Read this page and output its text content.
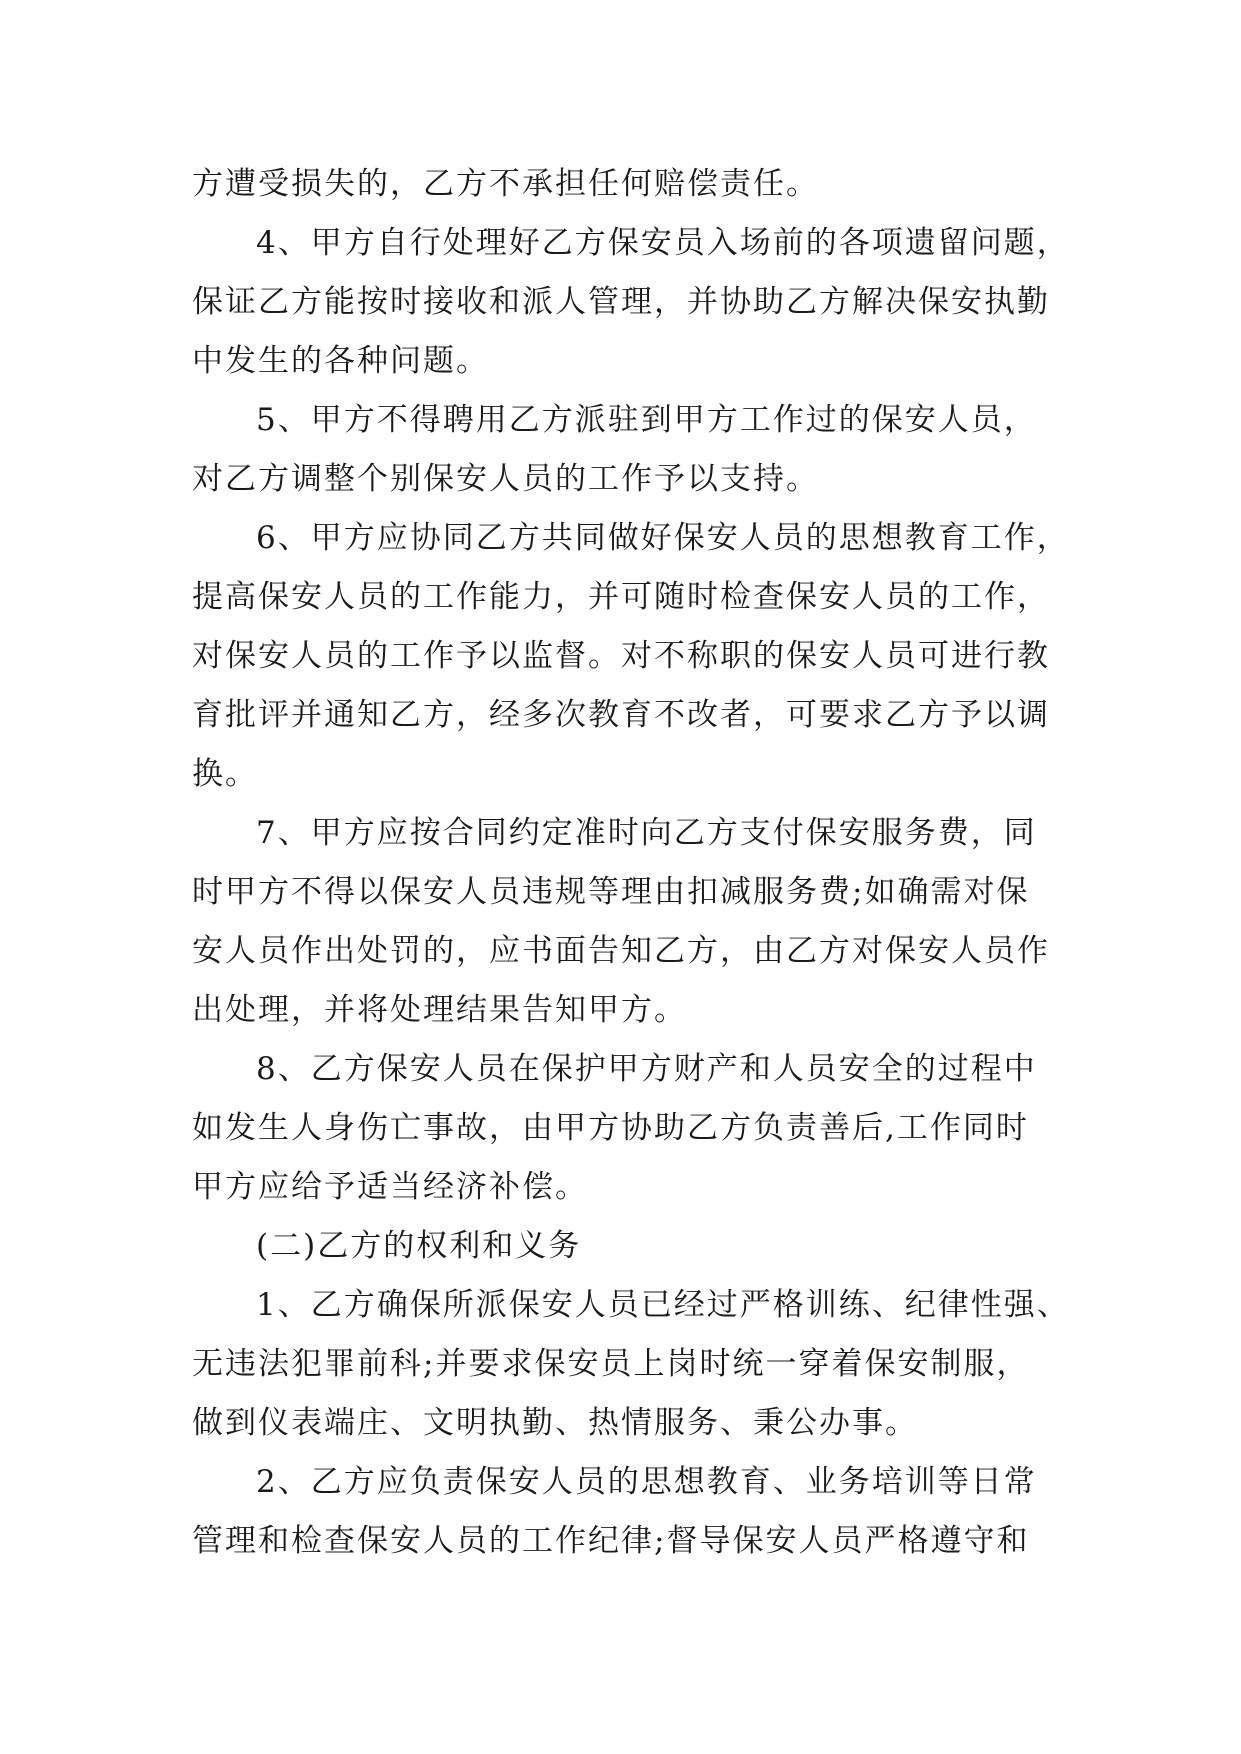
方遭受损失的，乙方不承担任何赔偿责任。
4、甲方自行处理好乙方保安员入场前的各项遗留问题，
保证乙方能按时接收和派人管理，并协助乙方解决保安执勤
中发生的各种问题。
5、甲方不得聘用乙方派驻到甲方工作过的保安人员，
对乙方调整个别保安人员的工作予以支持。
6、甲方应协同乙方共同做好保安人员的思想教育工作，
提高保安人员的工作能力，并可随时检查保安人员的工作，
对保安人员的工作予以监督。对不称职的保安人员可进行教
育批评并通知乙方，经多次教育不改者，可要求乙方予以调
换。
7、甲方应按合同约定准时向乙方支付保安服务费，同
时甲方不得以保安人员违规等理由扣减服务费;如确需对保
安人员作出处罚的，应书面告知乙方，由乙方对保安人员作
出处理，并将处理结果告知甲方。
8、乙方保安人员在保护甲方财产和人员安全的过程中
如发生人身伤亡事故，由甲方协助乙方负责善后,工作同时
甲方应给予适当经济补偿。
(二)乙方的权利和义务
1、乙方确保所派保安人员已经过严格训练、纪律性强、
无违法犯罪前科;并要求保安员上岗时统一穿着保安制服，
做到仪表端庄、文明执勤、热情服务、秉公办事。
2、乙方应负责保安人员的思想教育、业务培训等日常
管理和检查保安人员的工作纪律;督导保安人员严格遵守和
